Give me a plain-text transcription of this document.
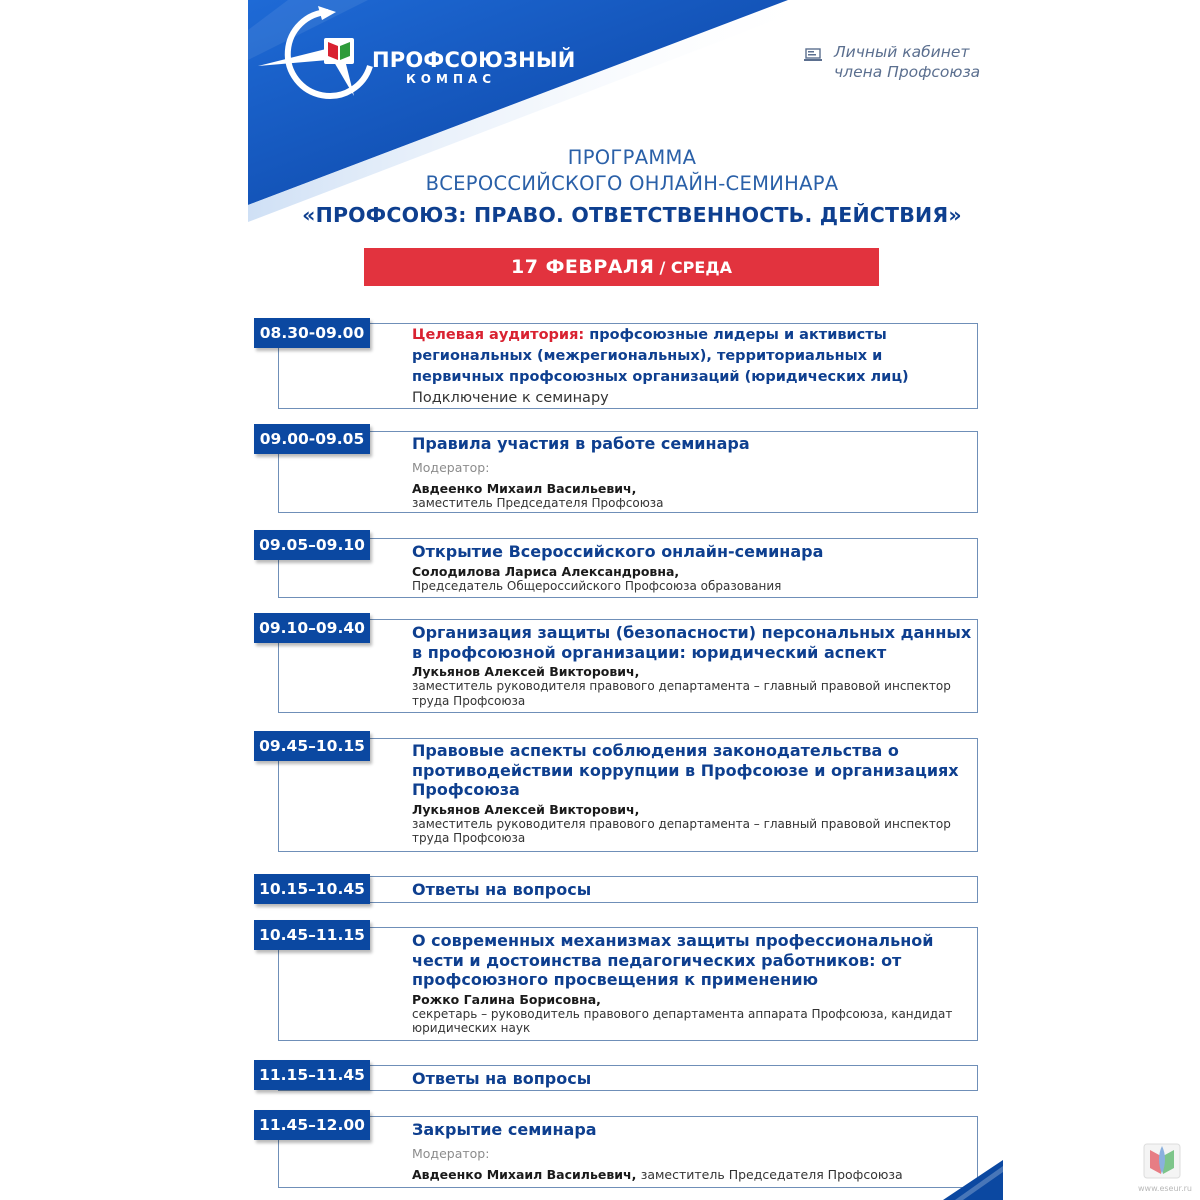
ПРОФСОЮЗНЫЙ
КОМПАС
Личный кабинет
члена Профсоюза
ПРОГРАММА
ВСЕРОССИЙСКОГО ОНЛАЙН-СЕМИНАРА
«ПРОФСОЮЗ: ПРАВО. ОТВЕТСТВЕННОСТЬ. ДЕЙСТВИЯ»
17 ФЕВРАЛЯ / СРЕДА
08.30-09.00	Целевая аудитория: профсоюзные лидеры и активисты региональных (межрегиональных), территориальных и первичных профсоюзных организаций (юридических лиц)
Подключение к семинару
09.00-09.05	Правила участия в работе семинара
Модератор:
Авдеенко Михаил Васильевич,
заместитель Председателя Профсоюза
09.05–09.10	Открытие Всероссийского онлайн-семинара
Солодилова Лариса Александровна,
Председатель Общероссийского Профсоюза образования
09.10–09.40	Организация защиты (безопасности) персональных данных в профсоюзной организации: юридический аспект
Лукьянов Алексей Викторович,
заместитель руководителя правового департамента – главный правовой инспектор труда Профсоюза
09.45–10.15	Правовые аспекты соблюдения законодательства о противодействии коррупции в Профсоюзе и организациях Профсоюза
Лукьянов Алексей Викторович,
заместитель руководителя правового департамента – главный правовой инспектор труда Профсоюза
10.15–10.45	Ответы на вопросы
10.45–11.15	О современных механизмах защиты профессиональной чести и достоинства педагогических работников: от профсоюзного просвещения к применению
Рожко Галина Борисовна,
секретарь – руководитель правового департамента аппарата Профсоюза, кандидат юридических наук
11.15–11.45	Ответы на вопросы
11.45–12.00	Закрытие семинара
Модератор:
Авдеенко Михаил Васильевич, заместитель Председателя Профсоюза
www.eseur.ru
